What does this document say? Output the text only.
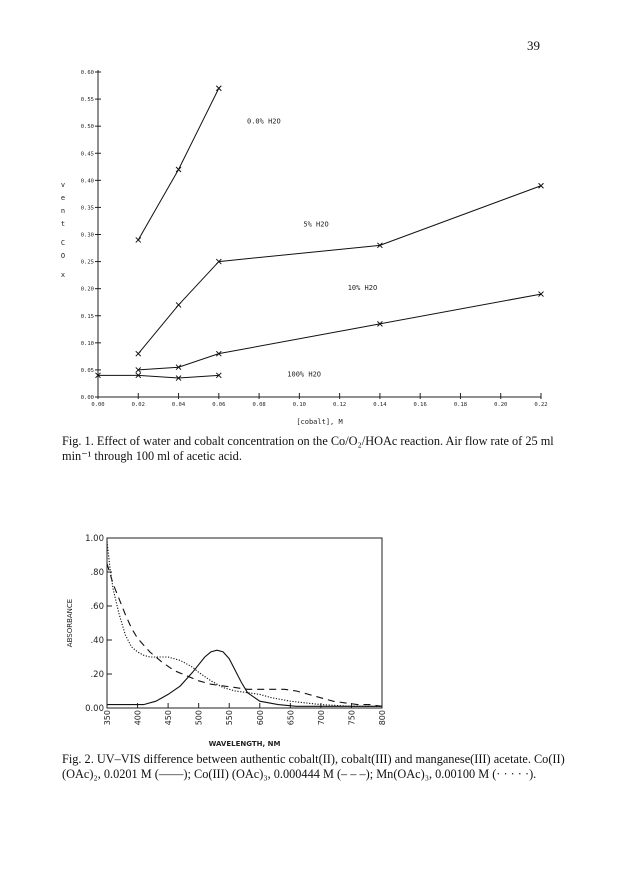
39
0.00
0.05
0.10
0.15
0.20
0.25
0.30
0.35
0.40
0.45
0.50
0.55
0.60
0.00	0.02	0.04	0.06	0.08	0.10	0.12	0.14	0.16	0.18	0.20	0.22
[cobalt], M
v
e
n
t
C
O
x
0.0% H2O
5% H2O
10% H2O
100% H2O
Fig. 1. Effect of water and cobalt concentration on the Co/O₂/HOAc reaction. Air flow rate of 25 ml min⁻¹ through 100 ml of acetic acid.
0.00
.20
.40
.60
.80
1.00
350	400	450	500	550	600	650	700	750	800
WAVELENGTH, NM
ABSORBANCE
Fig. 2. UV–VIS difference between authentic cobalt(II), cobalt(III) and manganese(III) acetate. Co(II) (OAc)₂, 0.0201 M (——); Co(III) (OAc)₃, 0.000444 M (– – –); Mn(OAc)₃, 0.00100 M (· · · · ·).
